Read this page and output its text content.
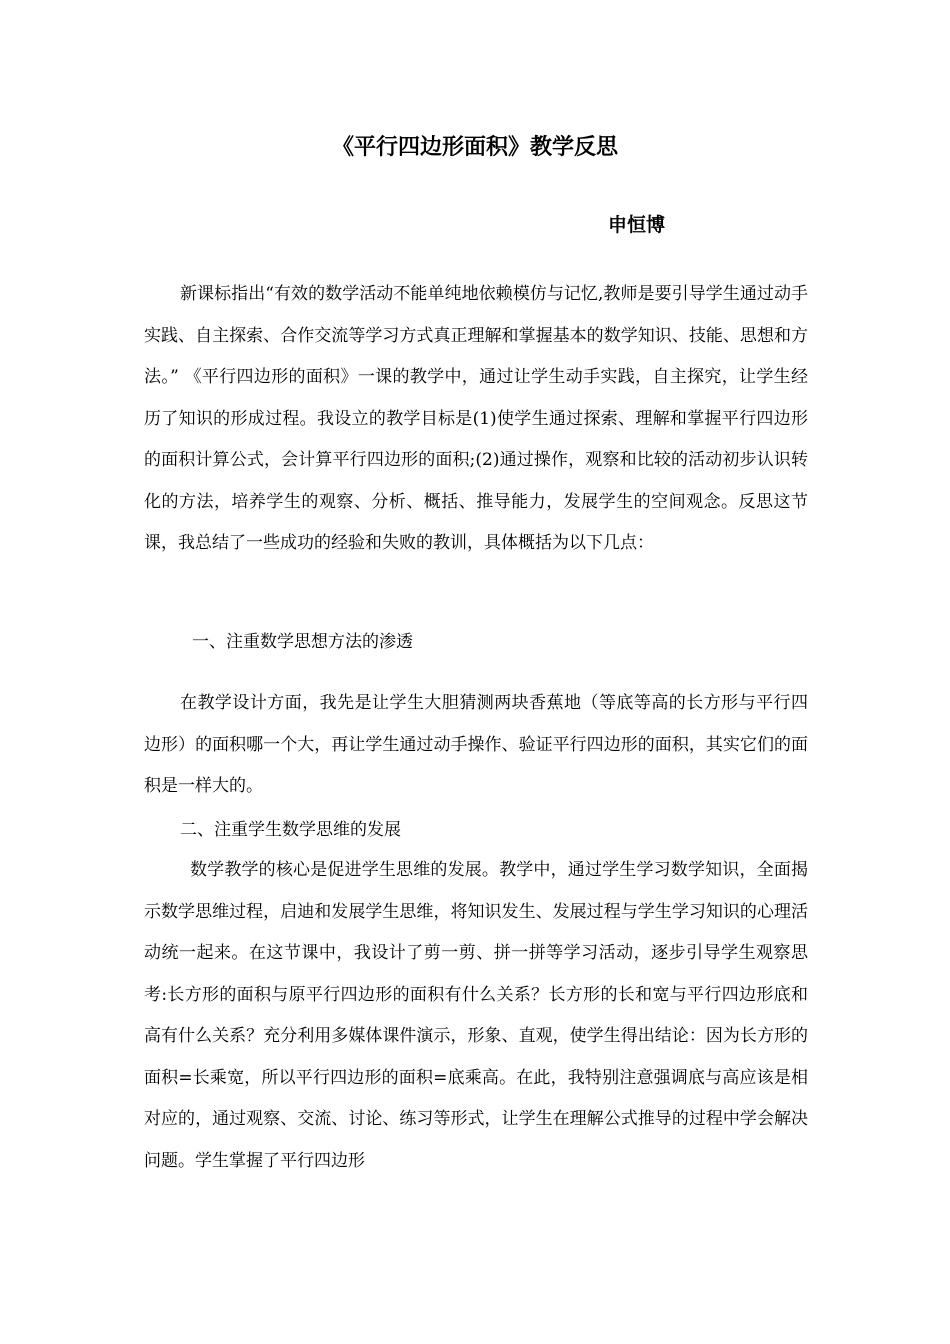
《平行四边形面积》教学反思

申恒博

新课标指出“有效的数学活动不能单纯地依赖模仿与记忆,教师是要引导学生通过动手实践、自主探索、合作交流等学习方式真正理解和掌握基本的数学知识、技能、思想和方法。” 《平行四边形的面积》一课的教学中，通过让学生动手实践，自主探究，让学生经历了知识的形成过程。我设立的教学目标是(1)使学生通过探索、理解和掌握平行四边形的面积计算公式，会计算平行四边形的面积;(2)通过操作，观察和比较的活动初步认识转化的方法，培养学生的观察、分析、概括、推导能力，发展学生的空间观念。反思这节课，我总结了一些成功的经验和失败的教训，具体概括为以下几点：

一、注重数学思想方法的渗透

在教学设计方面，我先是让学生大胆猜测两块香蕉地（等底等高的长方形与平行四边形）的面积哪一个大，再让学生通过动手操作、验证平行四边形的面积，其实它们的面积是一样大的。

二、注重学生数学思维的发展

数学教学的核心是促进学生思维的发展。教学中，通过学生学习数学知识，全面揭示数学思维过程，启迪和发展学生思维，将知识发生、发展过程与学生学习知识的心理活动统一起来。在这节课中，我设计了剪一剪、拼一拼等学习活动，逐步引导学生观察思考:长方形的面积与原平行四边形的面积有什么关系？长方形的长和宽与平行四边形底和高有什么关系？充分利用多媒体课件演示，形象、直观，使学生得出结论：因为长方形的面积=长乘宽，所以平行四边形的面积=底乘高。在此，我特别注意强调底与高应该是相对应的，通过观察、交流、讨论、练习等形式，让学生在理解公式推导的过程中学会解决问题。学生掌握了平行四边形
